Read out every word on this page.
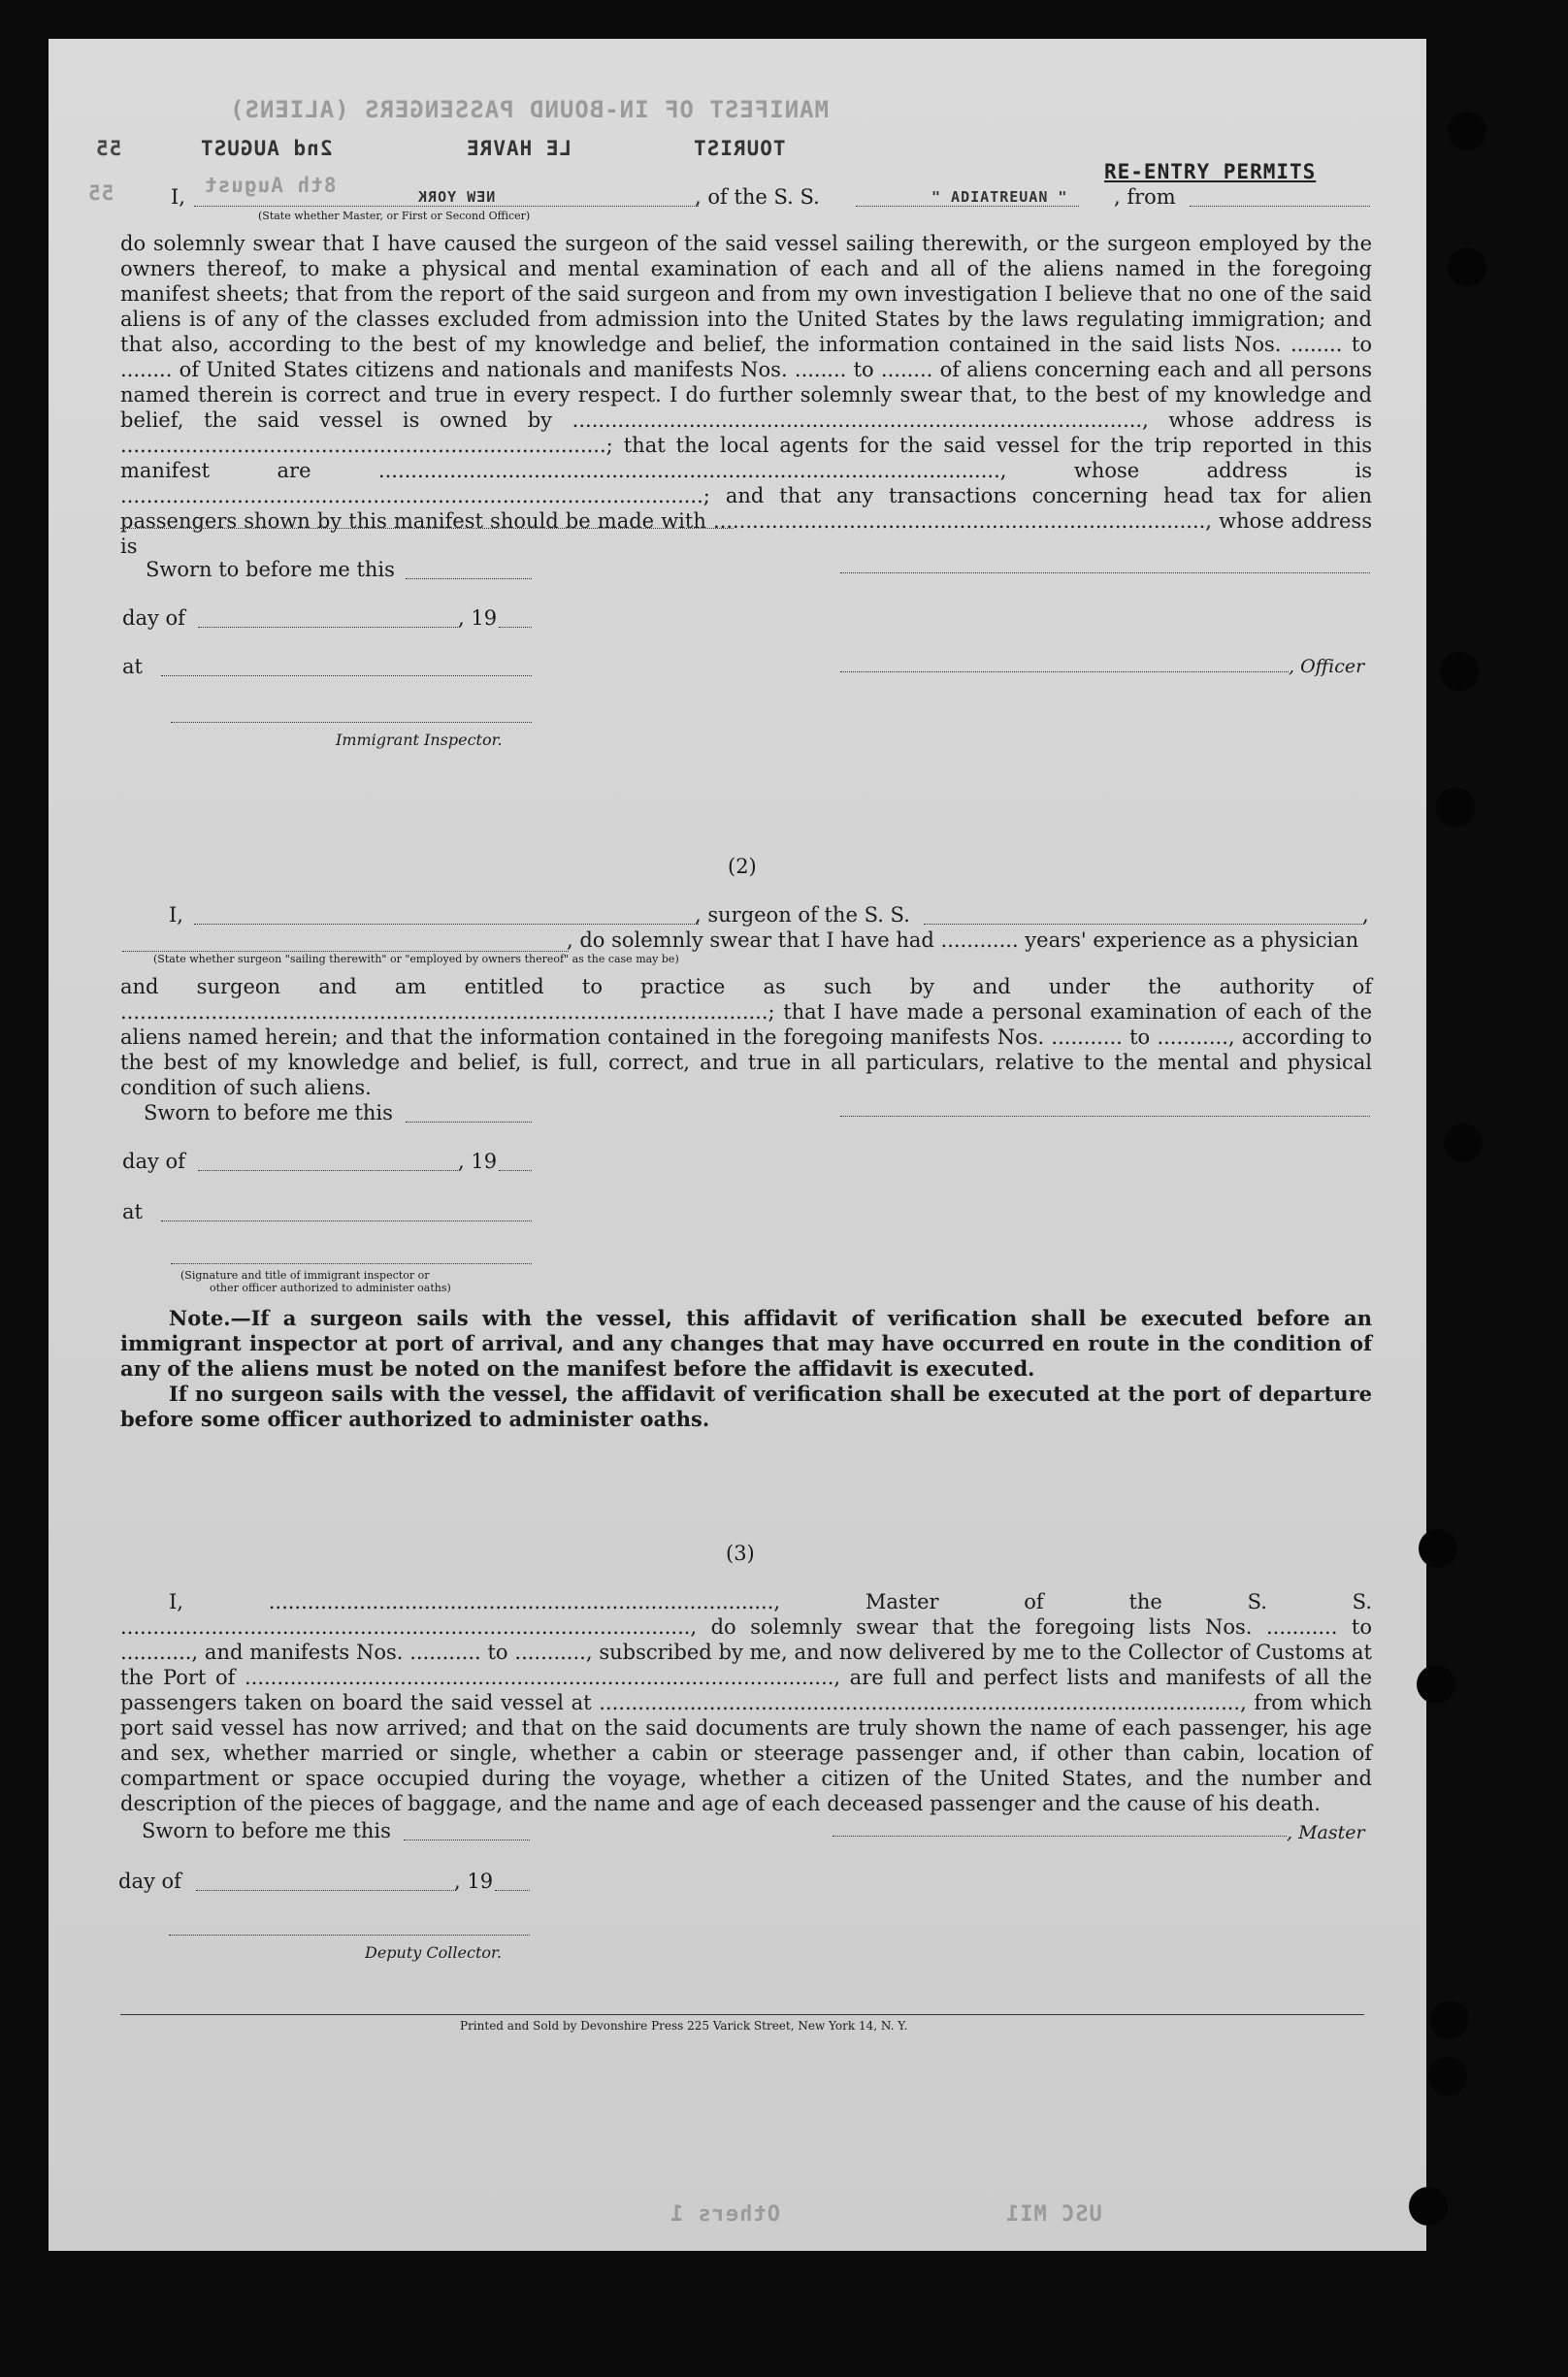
MANIFEST OF IN-BOUND PASSENGERS (ALIENS)
55	2nd AUGUST	LE HAVRE	TOURIST
55	8th August
RE-ENTRY PERMITS
I,	NEW YORK	, of the S. S.	" ADIATREUAN " , from
(State whether Master, or First or Second Officer)
do solemnly swear that I have caused the surgeon of the said vessel sailing therewith, or the surgeon employed by the owners thereof, to make a physical and mental examination of each and all of the aliens named in the foregoing manifest sheets; that from the report of the said surgeon and from my own investigation I believe that no one of the said aliens is of any of the classes excluded from admission into the United States by the laws regulating immigration; and that also, according to the best of my knowledge and belief, the information contained in the said lists Nos. ........ to ........ of United States citizens and nationals and manifests Nos. ........ to ........ of aliens concerning each and all persons named therein is correct and true in every respect. I do further solemnly swear that, to the best of my knowledge and belief, the said vessel is owned by ........................................................................................, whose address is ...........................................................................; that the local agents for the said vessel for the trip reported in this manifest are ................................................................................................, whose address is ..........................................................................................; and that any transactions concerning head tax for alien passengers shown by this manifest should be made with ............................................................................, whose address is
Sworn to before me this
day of	, 19
at	, Officer
Immigrant Inspector.
(2)
I,	, surgeon of the S. S.	,
, do solemnly swear that I have had ............ years' experience as a physician
(State whether surgeon "sailing therewith" or "employed by owners thereof" as the case may be)
and surgeon and am entitled to practice as such by and under the authority of ....................................................................................................; that I have made a personal examination of each of the aliens named herein; and that the information contained in the foregoing manifests Nos. ........... to ..........., according to the best of my knowledge and belief, is full, correct, and true in all particulars, relative to the mental and physical condition of such aliens.
Sworn to before me this
day of	, 19
at
(Signature and title of immigrant inspector or
other officer authorized to administer oaths)
Note.—If a surgeon sails with the vessel, this affidavit of verification shall be executed before an immigrant inspector at port of arrival, and any changes that may have occurred en route in the condition of any of the aliens must be noted on the manifest before the affidavit is executed.
If no surgeon sails with the vessel, the affidavit of verification shall be executed at the port of departure before some officer authorized to administer oaths.
(3)
I, .............................................................................., Master of the S. S. ........................................................................................, do solemnly swear that the foregoing lists Nos. ........... to ..........., and manifests Nos. ........... to ..........., subscribed by me, and now delivered by me to the Collector of Customs at the Port of ..........................................................................................., are full and perfect lists and manifests of all the passengers taken on board the said vessel at ..................................................................................................., from which port said vessel has now arrived; and that on the said documents are truly shown the name of each passenger, his age and sex, whether married or single, whether a cabin or steerage passenger and, if other than cabin, location of compartment or space occupied during the voyage, whether a citizen of the United States, and the number and description of the pieces of baggage, and the name and age of each deceased passenger and the cause of his death.
Sworn to before me this	, Master
day of	, 19
Deputy Collector.
Printed and Sold by Devonshire Press 225 Varick Street, New York 14, N. Y.
Others 1	USC MI1
